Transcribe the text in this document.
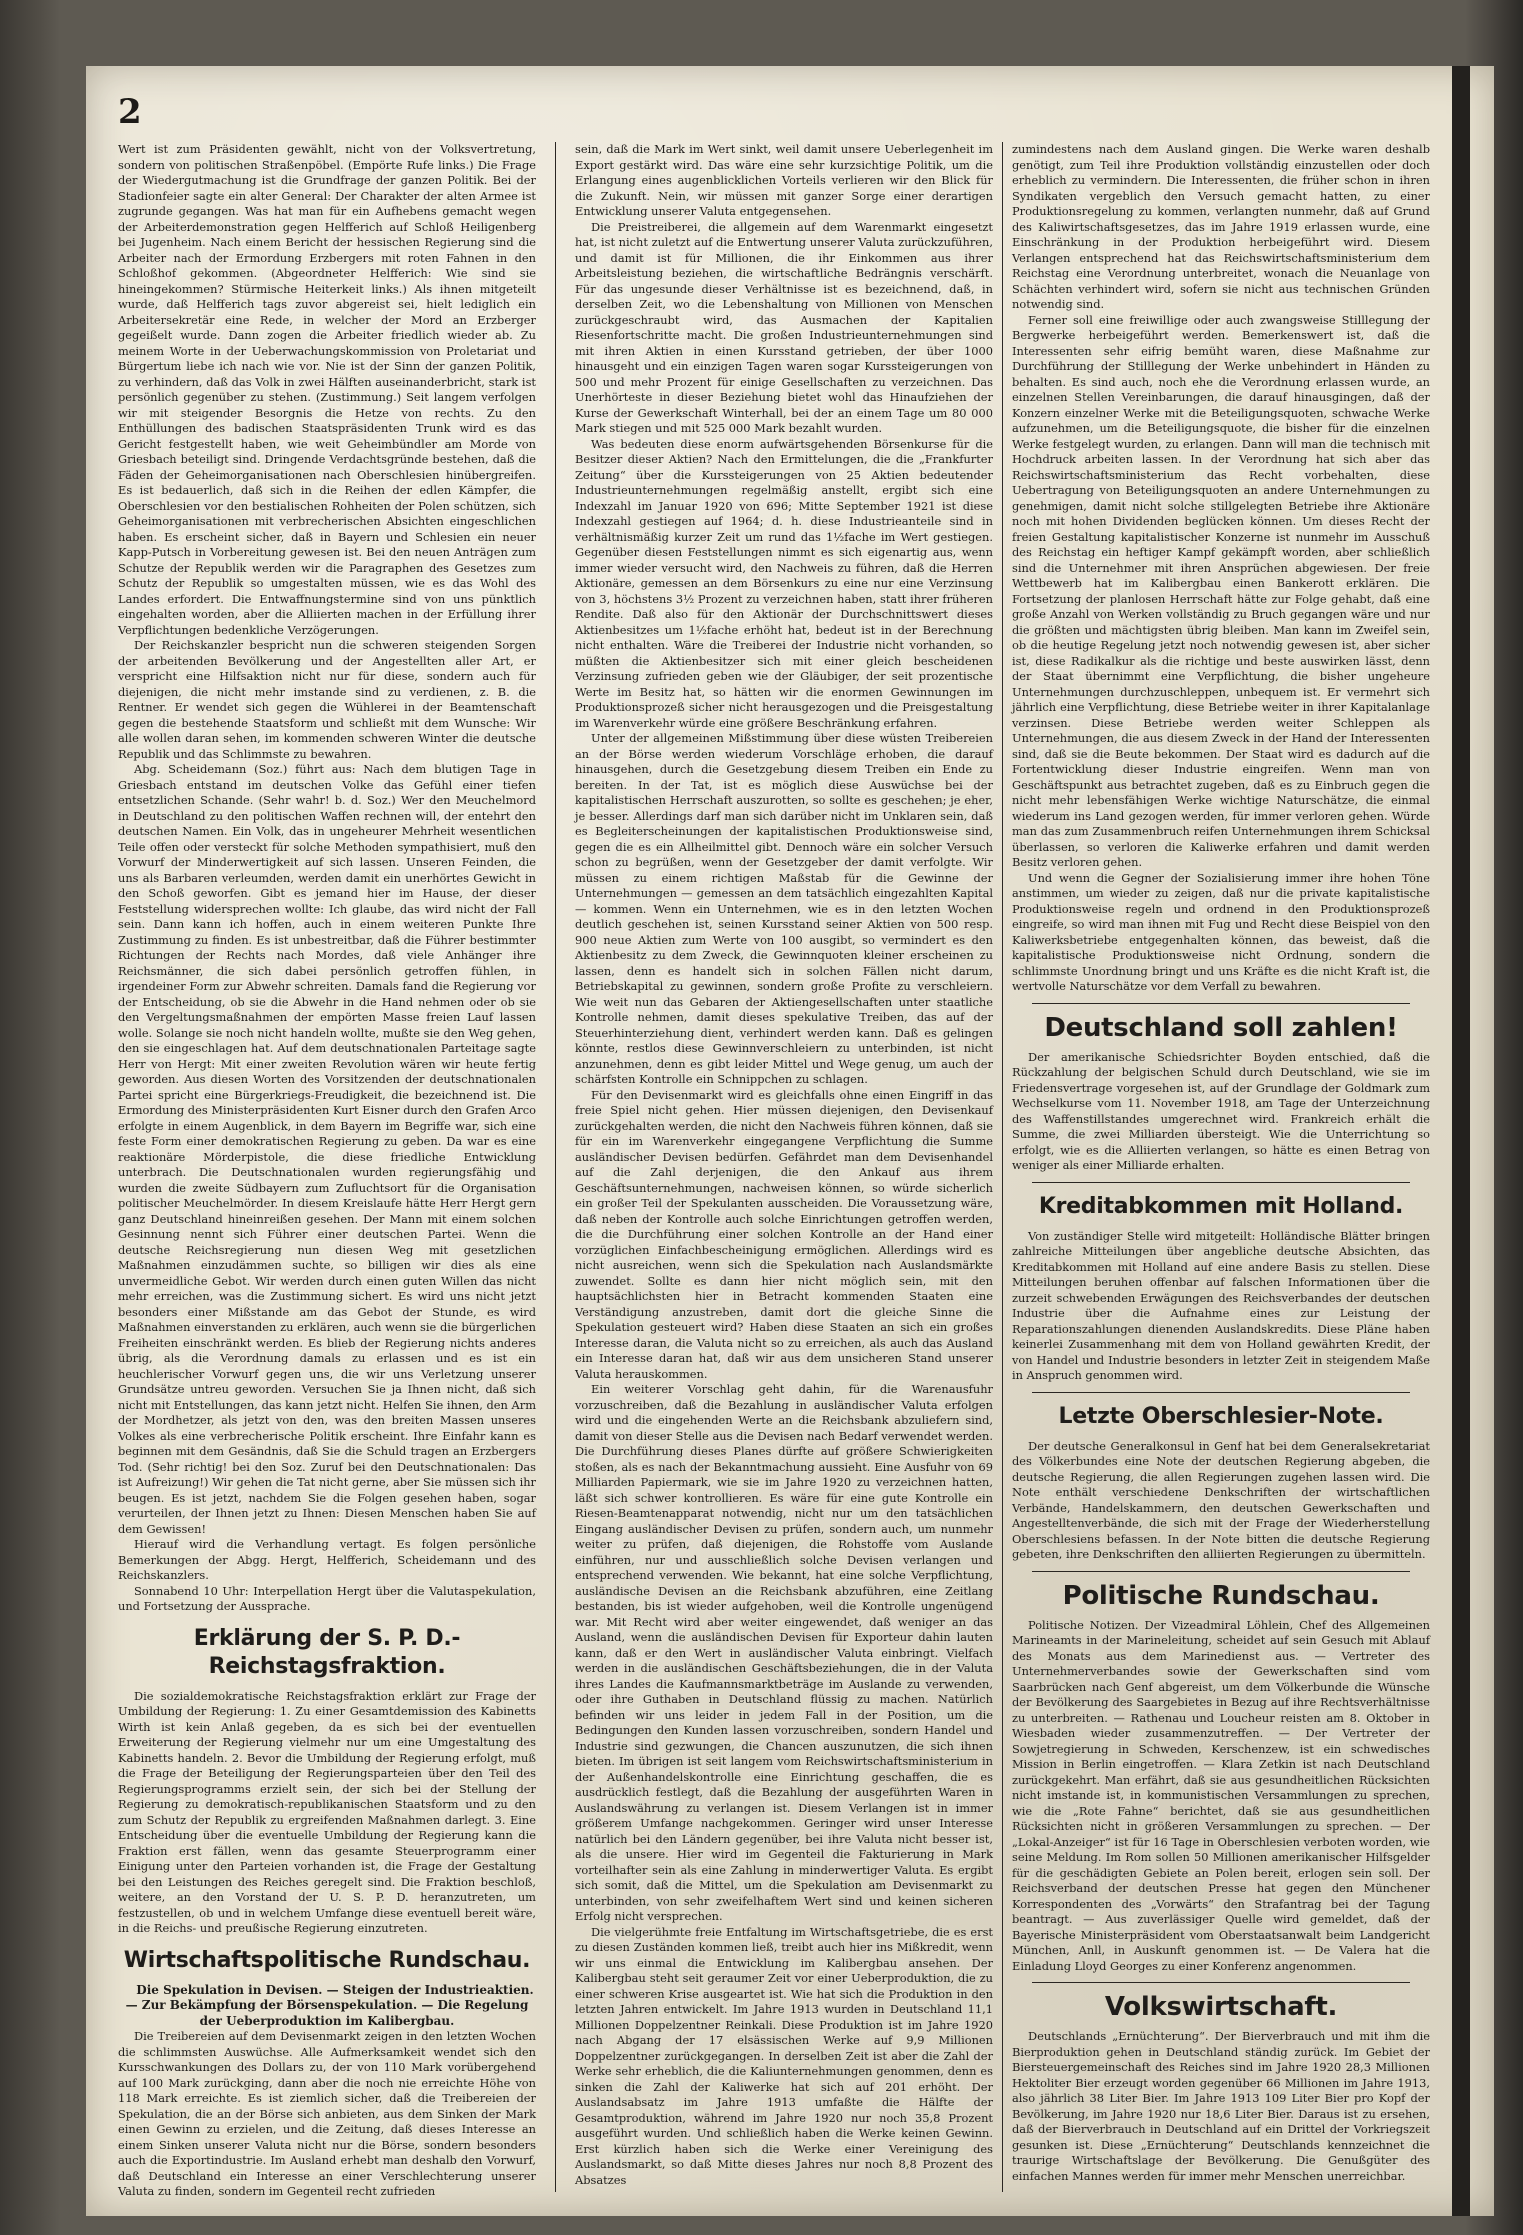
2

Wert ist zum Präsidenten gewählt, nicht von der Volksvertretung, sondern von politischen Straßenpöbel. (Empörte Rufe links.) Die Frage der Wiedergutmachung ist die Grundfrage der ganzen Politik. Bei der Stadionfeier sagte ein alter General: Der Charakter der alten Armee ist zugrunde gegangen. Was hat man für ein Aufhebens gemacht wegen der Arbeiterdemonstration gegen Helfferich auf Schloß Heiligenberg bei Jugenheim. Nach einem Bericht der hessischen Regierung sind die Arbeiter nach der Ermordung Erzbergers mit roten Fahnen in den Schloßhof gekommen. (Abgeordneter Helfferich: Wie sind sie hineingekommen? Stürmische Heiterkeit links.) Als ihnen mitgeteilt wurde, daß Helfferich tags zuvor abgereist sei, hielt lediglich ein Arbeitersekretär eine Rede, in welcher der Mord an Erzberger gegeißelt wurde. Dann zogen die Arbeiter friedlich wieder ab. Zu meinem Worte in der Ueberwachungskommission von Proletariat und Bürgertum liebe ich nach wie vor. Nie ist der Sinn der ganzen Politik, zu verhindern, daß das Volk in zwei Hälften auseinanderbricht, stark ist persönlich gegenüber zu stehen. (Zustimmung.) Seit langem verfolgen wir mit steigender Besorgnis die Hetze von rechts. Zu den Enthüllungen des badischen Staatspräsidenten Trunk wird es das Gericht festgestellt haben, wie weit Geheimbündler am Morde von Griesbach beteiligt sind. Dringende Verdachtsgründe bestehen, daß die Fäden der Geheimorganisationen nach Oberschlesien hinübergreifen. Es ist bedauerlich, daß sich in die Reihen der edlen Kämpfer, die Oberschlesien vor den bestialischen Rohheiten der Polen schützen, sich Geheimorganisationen mit verbrecherischen Absichten eingeschlichen haben. Es erscheint sicher, daß in Bayern und Schlesien ein neuer Kapp-Putsch in Vorbereitung gewesen ist. Bei den neuen Anträgen zum Schutze der Republik werden wir die Paragraphen des Gesetzes zum Schutz der Republik so umgestalten müssen, wie es das Wohl des Landes erfordert. Die Entwaffnungstermine sind von uns pünktlich eingehalten worden, aber die Alliierten machen in der Erfüllung ihrer Verpflichtungen bedenkliche Verzögerungen.

Der Reichskanzler bespricht nun die schweren steigenden Sorgen der arbeitenden Bevölkerung und der Angestellten aller Art, er verspricht eine Hilfsaktion nicht nur für diese, sondern auch für diejenigen, die nicht mehr imstande sind zu verdienen, z. B. die Rentner. Er wendet sich gegen die Wühlerei in der Beamtenschaft gegen die bestehende Staatsform und schließt mit dem Wunsche: Wir alle wollen daran sehen, im kommenden schweren Winter die deutsche Republik und das Schlimmste zu bewahren.

Abg. Scheidemann (Soz.) führt aus: Nach dem blutigen Tage in Griesbach entstand im deutschen Volke das Gefühl einer tiefen entsetzlichen Schande. (Sehr wahr! b. d. Soz.) Wer den Meuchelmord in Deutschland zu den politischen Waffen rechnen will, der entehrt den deutschen Namen. Ein Volk, das in ungeheurer Mehrheit wesentlichen Teile offen oder versteckt für solche Methoden sympathisiert, muß den Vorwurf der Minderwertigkeit auf sich lassen. Unseren Feinden, die uns als Barbaren verleumden, werden damit ein unerhörtes Gewicht in den Schoß geworfen. Gibt es jemand hier im Hause, der dieser Feststellung widersprechen wollte: Ich glaube, das wird nicht der Fall sein. Dann kann ich hoffen, auch in einem weiteren Punkte Ihre Zustimmung zu finden. Es ist unbestreitbar, daß die Führer bestimmter Richtungen der Rechts nach Mordes, daß viele Anhänger ihre Reichsmänner, die sich dabei persönlich getroffen fühlen, in irgendeiner Form zur Abwehr schreiten. Damals fand die Regierung vor der Entscheidung, ob sie die Abwehr in die Hand nehmen oder ob sie den Vergeltungsmaßnahmen der empörten Masse freien Lauf lassen wolle. Solange sie noch nicht handeln wollte, mußte sie den Weg gehen, den sie eingeschlagen hat. Auf dem deutschnationalen Parteitage sagte Herr von Hergt: Mit einer zweiten Revolution wären wir heute fertig geworden. Aus diesen Worten des Vorsitzenden der deutschnationalen Partei spricht eine Bürgerkriegs-Freudigkeit, die bezeichnend ist. Die Ermordung des Ministerpräsidenten Kurt Eisner durch den Grafen Arco erfolgte in einem Augenblick, in dem Bayern im Begriffe war, sich eine feste Form einer demokratischen Regierung zu geben. Da war es eine reaktionäre Mörderpistole, die diese friedliche Entwicklung unterbrach. Die Deutschnationalen wurden regierungsfähig und wurden die zweite Südbayern zum Zufluchtsort für die Organisation politischer Meuchelmörder. In diesem Kreislaufe hätte Herr Hergt gern ganz Deutschland hineinreißen gesehen. Der Mann mit einem solchen Gesinnung nennt sich Führer einer deutschen Partei. Wenn die deutsche Reichsregierung nun diesen Weg mit gesetzlichen Maßnahmen einzudämmen suchte, so billigen wir dies als eine unvermeidliche Gebot. Wir werden durch einen guten Willen das nicht mehr erreichen, was die Zustimmung sichert. Es wird uns nicht jetzt besonders einer Mißstande am das Gebot der Stunde, es wird Maßnahmen einverstanden zu erklären, auch wenn sie die bürgerlichen Freiheiten einschränkt werden. Es blieb der Regierung nichts anderes übrig, als die Verordnung damals zu erlassen und es ist ein heuchlerischer Vorwurf gegen uns, die wir uns Verletzung unserer Grundsätze untreu geworden. Versuchen Sie ja Ihnen nicht, daß sich nicht mit Entstellungen, das kann jetzt nicht. Helfen Sie ihnen, den Arm der Mordhetzer, als jetzt von den, was den breiten Massen unseres Volkes als eine verbrecherische Politik erscheint. Ihre Einfahr kann es beginnen mit dem Gesändnis, daß Sie die Schuld tragen an Erzbergers Tod. (Sehr richtig! bei den Soz. Zuruf bei den Deutschnationalen: Das ist Aufreizung!) Wir gehen die Tat nicht gerne, aber Sie müssen sich ihr beugen. Es ist jetzt, nachdem Sie die Folgen gesehen haben, sogar verurteilen, der Ihnen jetzt zu Ihnen: Diesen Menschen haben Sie auf dem Gewissen!

Hierauf wird die Verhandlung vertagt. Es folgen persönliche Bemerkungen der Abgg. Hergt, Helfferich, Scheidemann und des Reichskanzlers.

Sonnabend 10 Uhr: Interpellation Hergt über die Valutaspekulation, und Fortsetzung der Aussprache.

Erklärung der S. P. D.-Reichstagsfraktion.

Die sozialdemokratische Reichstagsfraktion erklärt zur Frage der Umbildung der Regierung: 1. Zu einer Gesamtdemission des Kabinetts Wirth ist kein Anlaß gegeben, da es sich bei der eventuellen Erweiterung der Regierung vielmehr nur um eine Umgestaltung des Kabinetts handeln. 2. Bevor die Umbildung der Regierung erfolgt, muß die Frage der Beteiligung der Regierungsparteien über den Teil des Regierungsprogramms erzielt sein, der sich bei der Stellung der Regierung zu demokratisch-republikanischen Staatsform und zu den zum Schutz der Republik zu ergreifenden Maßnahmen darlegt. 3. Eine Entscheidung über die eventuelle Umbildung der Regierung kann die Fraktion erst fällen, wenn das gesamte Steuerprogramm einer Einigung unter den Parteien vorhanden ist, die Frage der Gestaltung bei den Leistungen des Reiches geregelt sind. Die Fraktion beschloß, weitere, an den Vorstand der U. S. P. D. heranzutreten, um festzustellen, ob und in welchem Umfange diese eventuell bereit wäre, in die Reichs- und preußische Regierung einzutreten.

Wirtschaftspolitische Rundschau.

Die Spekulation in Devisen. — Steigen der Industrieaktien. — Zur Bekämpfung der Börsenspekulation. — Die Regelung der Ueberproduktion im Kalibergbau.

Die Treibereien auf dem Devisenmarkt zeigen in den letzten Wochen die schlimmsten Auswüchse. Alle Aufmerksamkeit wendet sich den Kursschwankungen des Dollars zu, der von 110 Mark vorübergehend auf 100 Mark zurückging, dann aber die noch nie erreichte Höhe von 118 Mark erreichte. Es ist ziemlich sicher, daß die Treibereien der Spekulation, die an der Börse sich anbieten, aus dem Sinken der Mark einen Gewinn zu erzielen, und die Zeitung, daß dieses Interesse an einem Sinken unserer Valuta nicht nur die Börse, sondern besonders auch die Exportindustrie. Im Ausland erhebt man deshalb den Vorwurf, daß Deutschland ein Interesse an einer Verschlechterung unserer Valuta zu finden, sondern im Gegenteil recht zufrieden

sein, daß die Mark im Wert sinkt, weil damit unsere Ueberlegenheit im Export gestärkt wird. Das wäre eine sehr kurzsichtige Politik, um die Erlangung eines augenblicklichen Vorteils verlieren wir den Blick für die Zukunft. Nein, wir müssen mit ganzer Sorge einer derartigen Entwicklung unserer Valuta entgegensehen.

Die Preistreiberei, die allgemein auf dem Warenmarkt eingesetzt hat, ist nicht zuletzt auf die Entwertung unserer Valuta zurückzuführen, und damit ist für Millionen, die ihr Einkommen aus ihrer Arbeitsleistung beziehen, die wirtschaftliche Bedrängnis verschärft. Für das ungesunde dieser Verhältnisse ist es bezeichnend, daß, in derselben Zeit, wo die Lebenshaltung von Millionen von Menschen zurückgeschraubt wird, das Ausmachen der Kapitalien Riesenfortschritte macht. Die großen Industrieunternehmungen sind mit ihren Aktien in einen Kursstand getrieben, der über 1000 hinausgeht und ein einzigen Tagen waren sogar Kurssteigerungen von 500 und mehr Prozent für einige Gesellschaften zu verzeichnen. Das Unerhörteste in dieser Beziehung bietet wohl das Hinaufziehen der Kurse der Gewerkschaft Winterhall, bei der an einem Tage um 80 000 Mark stiegen und mit 525 000 Mark bezahlt wurden.

Was bedeuten diese enorm aufwärtsgehenden Börsenkurse für die Besitzer dieser Aktien? Nach den Ermittelungen, die die „Frankfurter Zeitung“ über die Kurssteigerungen von 25 Aktien bedeutender Industrieunternehmungen regelmäßig anstellt, ergibt sich eine Indexzahl im Januar 1920 von 696; Mitte September 1921 ist diese Indexzahl gestiegen auf 1964; d. h. diese Industrieanteile sind in verhältnismäßig kurzer Zeit um rund das 1½fache im Wert gestiegen. Gegenüber diesen Feststellungen nimmt es sich eigenartig aus, wenn immer wieder versucht wird, den Nachweis zu führen, daß die Herren Aktionäre, gemessen an dem Börsenkurs zu eine nur eine Verzinsung von 3, höchstens 3½ Prozent zu verzeichnen haben, statt ihrer früheren Rendite. Daß also für den Aktionär der Durchschnittswert dieses Aktienbesitzes um 1½fache erhöht hat, bedeut ist in der Berechnung nicht enthalten. Wäre die Treiberei der Industrie nicht vorhanden, so müßten die Aktienbesitzer sich mit einer gleich bescheidenen Verzinsung zufrieden geben wie der Gläubiger, der seit prozentische Werte im Besitz hat, so hätten wir die enormen Gewinnungen im Produktionsprozeß sicher nicht herausgezogen und die Preisgestaltung im Warenverkehr würde eine größere Beschränkung erfahren.

Unter der allgemeinen Mißstimmung über diese wüsten Treibereien an der Börse werden wiederum Vorschläge erhoben, die darauf hinausgehen, durch die Gesetzgebung diesem Treiben ein Ende zu bereiten. In der Tat, ist es möglich diese Auswüchse bei der kapitalistischen Herrschaft auszurotten, so sollte es geschehen; je eher, je besser. Allerdings darf man sich darüber nicht im Unklaren sein, daß es Begleiterscheinungen der kapitalistischen Produktionsweise sind, gegen die es ein Allheilmittel gibt. Dennoch wäre ein solcher Versuch schon zu begrüßen, wenn der Gesetzgeber der damit verfolgte. Wir müssen zu einem richtigen Maßstab für die Gewinne der Unternehmungen — gemessen an dem tatsächlich eingezahlten Kapital — kommen. Wenn ein Unternehmen, wie es in den letzten Wochen deutlich geschehen ist, seinen Kursstand seiner Aktien von 500 resp. 900 neue Aktien zum Werte von 100 ausgibt, so vermindert es den Aktienbesitz zu dem Zweck, die Gewinnquoten kleiner erscheinen zu lassen, denn es handelt sich in solchen Fällen nicht darum, Betriebskapital zu gewinnen, sondern große Profite zu verschleiern. Wie weit nun das Gebaren der Aktiengesellschaften unter staatliche Kontrolle nehmen, damit dieses spekulative Treiben, das auf der Steuerhinterziehung dient, verhindert werden kann. Daß es gelingen könnte, restlos diese Gewinnverschleiern zu unterbinden, ist nicht anzunehmen, denn es gibt leider Mittel und Wege genug, um auch der schärfsten Kontrolle ein Schnippchen zu schlagen.

Für den Devisenmarkt wird es gleichfalls ohne einen Eingriff in das freie Spiel nicht gehen. Hier müssen diejenigen, den Devisenkauf zurückgehalten werden, die nicht den Nachweis führen können, daß sie für ein im Warenverkehr eingegangene Verpflichtung die Summe ausländischer Devisen bedürfen. Gefährdet man dem Devisenhandel auf die Zahl derjenigen, die den Ankauf aus ihrem Geschäftsunternehmungen, nachweisen können, so würde sicherlich ein großer Teil der Spekulanten ausscheiden. Die Voraussetzung wäre, daß neben der Kontrolle auch solche Einrichtungen getroffen werden, die die Durchführung einer solchen Kontrolle an der Hand einer vorzüglichen Einfachbescheinigung ermöglichen. Allerdings wird es nicht ausreichen, wenn sich die Spekulation nach Auslandsmärkte zuwendet. Sollte es dann hier nicht möglich sein, mit den hauptsächlichsten hier in Betracht kommenden Staaten eine Verständigung anzustreben, damit dort die gleiche Sinne die Spekulation gesteuert wird? Haben diese Staaten an sich ein großes Interesse daran, die Valuta nicht so zu erreichen, als auch das Ausland ein Interesse daran hat, daß wir aus dem unsicheren Stand unserer Valuta herauskommen.

Ein weiterer Vorschlag geht dahin, für die Warenausfuhr vorzuschreiben, daß die Bezahlung in ausländischer Valuta erfolgen wird und die eingehenden Werte an die Reichsbank abzuliefern sind, damit von dieser Stelle aus die Devisen nach Bedarf verwendet werden. Die Durchführung dieses Planes dürfte auf größere Schwierigkeiten stoßen, als es nach der Bekanntmachung aussieht. Eine Ausfuhr von 69 Milliarden Papiermark, wie sie im Jahre 1920 zu verzeichnen hatten, läßt sich schwer kontrollieren. Es wäre für eine gute Kontrolle ein Riesen-Beamtenapparat notwendig, nicht nur um den tatsächlichen Eingang ausländischer Devisen zu prüfen, sondern auch, um nunmehr weiter zu prüfen, daß diejenigen, die Rohstoffe vom Auslande einführen, nur und ausschließlich solche Devisen verlangen und entsprechend verwenden. Wie bekannt, hat eine solche Verpflichtung, ausländische Devisen an die Reichsbank abzuführen, eine Zeitlang bestanden, bis ist wieder aufgehoben, weil die Kontrolle ungenügend war. Mit Recht wird aber weiter eingewendet, daß weniger an das Ausland, wenn die ausländischen Devisen für Exporteur dahin lauten kann, daß er den Wert in ausländischer Valuta einbringt. Vielfach werden in die ausländischen Geschäftsbeziehungen, die in der Valuta ihres Landes die Kaufmannsmarktbeträge im Auslande zu verwenden, oder ihre Guthaben in Deutschland flüssig zu machen. Natürlich befinden wir uns leider in jedem Fall in der Position, um die Bedingungen den Kunden lassen vorzuschreiben, sondern Handel und Industrie sind gezwungen, die Chancen auszunutzen, die sich ihnen bieten. Im übrigen ist seit langem vom Reichswirtschaftsministerium in der Außenhandelskontrolle eine Einrichtung geschaffen, die es ausdrücklich festlegt, daß die Bezahlung der ausgeführten Waren in Auslandswährung zu verlangen ist. Diesem Verlangen ist in immer größerem Umfange nachgekommen. Geringer wird unser Interesse natürlich bei den Ländern gegenüber, bei ihre Valuta nicht besser ist, als die unsere. Hier wird im Gegenteil die Fakturierung in Mark vorteilhafter sein als eine Zahlung in minderwertiger Valuta. Es ergibt sich somit, daß die Mittel, um die Spekulation am Devisenmarkt zu unterbinden, von sehr zweifelhaftem Wert sind und keinen sicheren Erfolg nicht versprechen.

Die vielgerühmte freie Entfaltung im Wirtschaftsgetriebe, die es erst zu diesen Zuständen kommen ließ, treibt auch hier ins Mißkredit, wenn wir uns einmal die Entwicklung im Kalibergbau ansehen. Der Kalibergbau steht seit geraumer Zeit vor einer Ueberproduktion, die zu einer schweren Krise ausgeartet ist. Wie hat sich die Produktion in den letzten Jahren entwickelt. Im Jahre 1913 wurden in Deutschland 11,1 Millionen Doppelzentner Reinkali. Diese Produktion ist im Jahre 1920 nach Abgang der 17 elsässischen Werke auf 9,9 Millionen Doppelzentner zurückgegangen. In derselben Zeit ist aber die Zahl der Werke sehr erheblich, die die Kaliunternehmungen genommen, denn es sinken die Zahl der Kaliwerke hat sich auf 201 erhöht. Der Auslandsabsatz im Jahre 1913 umfaßte die Hälfte der Gesamtproduktion, während im Jahre 1920 nur noch 35,8 Prozent ausgeführt wurden. Und schließlich haben die Werke keinen Gewinn. Erst kürzlich haben sich die Werke einer Vereinigung des Auslandsmarkt, so daß Mitte dieses Jahres nur noch 8,8 Prozent des Absatzes

zumindestens nach dem Ausland gingen. Die Werke waren deshalb genötigt, zum Teil ihre Produktion vollständig einzustellen oder doch erheblich zu vermindern. Die Interessenten, die früher schon in ihren Syndikaten vergeblich den Versuch gemacht hatten, zu einer Produktionsregelung zu kommen, verlangten nunmehr, daß auf Grund des Kaliwirtschaftsgesetzes, das im Jahre 1919 erlassen wurde, eine Einschränkung in der Produktion herbeigeführt wird. Diesem Verlangen entsprechend hat das Reichswirtschaftsministerium dem Reichstag eine Verordnung unterbreitet, wonach die Neuanlage von Schächten verhindert wird, sofern sie nicht aus technischen Gründen notwendig sind.

Ferner soll eine freiwillige oder auch zwangsweise Stilllegung der Bergwerke herbeigeführt werden. Bemerkenswert ist, daß die Interessenten sehr eifrig bemüht waren, diese Maßnahme zur Durchführung der Stilllegung der Werke unbehindert in Händen zu behalten. Es sind auch, noch ehe die Verordnung erlassen wurde, an einzelnen Stellen Vereinbarungen, die darauf hinausgingen, daß der Konzern einzelner Werke mit die Beteiligungsquoten, schwache Werke aufzunehmen, um die Beteiligungsquote, die bisher für die einzelnen Werke festgelegt wurden, zu erlangen. Dann will man die technisch mit Hochdruck arbeiten lassen. In der Verordnung hat sich aber das Reichswirtschaftsministerium das Recht vorbehalten, diese Uebertragung von Beteiligungsquoten an andere Unternehmungen zu genehmigen, damit nicht solche stillgelegten Betriebe ihre Aktionäre noch mit hohen Dividenden beglücken können. Um dieses Recht der freien Gestaltung kapitalistischer Konzerne ist nunmehr im Ausschuß des Reichstag ein heftiger Kampf gekämpft worden, aber schließlich sind die Unternehmer mit ihren Ansprüchen abgewiesen. Der freie Wettbewerb hat im Kalibergbau einen Bankerott erklären. Die Fortsetzung der planlosen Herrschaft hätte zur Folge gehabt, daß eine große Anzahl von Werken vollständig zu Bruch gegangen wäre und nur die größten und mächtigsten übrig bleiben. Man kann im Zweifel sein, ob die heutige Regelung jetzt noch notwendig gewesen ist, aber sicher ist, diese Radikalkur als die richtige und beste auswirken lässt, denn der Staat übernimmt eine Verpflichtung, die bisher ungeheure Unternehmungen durchzuschleppen, unbequem ist. Er vermehrt sich jährlich eine Verpflichtung, diese Betriebe weiter in ihrer Kapitalanlage verzinsen. Diese Betriebe werden weiter Schleppen als Unternehmungen, die aus diesem Zweck in der Hand der Interessenten sind, daß sie die Beute bekommen. Der Staat wird es dadurch auf die Fortentwicklung dieser Industrie eingreifen. Wenn man von Geschäftspunkt aus betrachtet zugeben, daß es zu Einbruch gegen die nicht mehr lebensfähigen Werke wichtige Naturschätze, die einmal wiederum ins Land gezogen werden, für immer verloren gehen. Würde man das zum Zusammenbruch reifen Unternehmungen ihrem Schicksal überlassen, so verloren die Kaliwerke erfahren und damit werden Besitz verloren gehen.

Und wenn die Gegner der Sozialisierung immer ihre hohen Töne anstimmen, um wieder zu zeigen, daß nur die private kapitalistische Produktionsweise regeln und ordnend in den Produktionsprozeß eingreife, so wird man ihnen mit Fug und Recht diese Beispiel von den Kaliwerksbetriebe entgegenhalten können, das beweist, daß die kapitalistische Produktionsweise nicht Ordnung, sondern die schlimmste Unordnung bringt und uns Kräfte es die nicht Kraft ist, die wertvolle Naturschätze vor dem Verfall zu bewahren.

Deutschland soll zahlen!

Der amerikanische Schiedsrichter Boyden entschied, daß die Rückzahlung der belgischen Schuld durch Deutschland, wie sie im Friedensvertrage vorgesehen ist, auf der Grundlage der Goldmark zum Wechselkurse vom 11. November 1918, am Tage der Unterzeichnung des Waffenstillstandes umgerechnet wird. Frankreich erhält die Summe, die zwei Milliarden übersteigt. Wie die Unterrichtung so erfolgt, wie es die Alliierten verlangen, so hätte es einen Betrag von weniger als einer Milliarde erhalten.

Kreditabkommen mit Holland.

Von zuständiger Stelle wird mitgeteilt: Holländische Blätter bringen zahlreiche Mitteilungen über angebliche deutsche Absichten, das Kreditabkommen mit Holland auf eine andere Basis zu stellen. Diese Mitteilungen beruhen offenbar auf falschen Informationen über die zurzeit schwebenden Erwägungen des Reichsverbandes der deutschen Industrie über die Aufnahme eines zur Leistung der Reparationszahlungen dienenden Auslandskredits. Diese Pläne haben keinerlei Zusammenhang mit dem von Holland gewährten Kredit, der von Handel und Industrie besonders in letzter Zeit in steigendem Maße in Anspruch genommen wird.

Letzte Oberschlesier-Note.

Der deutsche Generalkonsul in Genf hat bei dem Generalsekretariat des Völkerbundes eine Note der deutschen Regierung abgeben, die deutsche Regierung, die allen Regierungen zugehen lassen wird. Die Note enthält verschiedene Denkschriften der wirtschaftlichen Verbände, Handelskammern, den deutschen Gewerkschaften und Angestelltenverbände, die sich mit der Frage der Wiederherstellung Oberschlesiens befassen. In der Note bitten die deutsche Regierung gebeten, ihre Denkschriften den alliierten Regierungen zu übermitteln.

Politische Rundschau.

Politische Notizen. Der Vizeadmiral Löhlein, Chef des Allgemeinen Marineamts in der Marineleitung, scheidet auf sein Gesuch mit Ablauf des Monats aus dem Marinedienst aus. — Vertreter des Unternehmerverbandes sowie der Gewerkschaften sind vom Saarbrücken nach Genf abgereist, um dem Völkerbunde die Wünsche der Bevölkerung des Saargebietes in Bezug auf ihre Rechtsverhältnisse zu unterbreiten. — Rathenau und Loucheur reisten am 8. Oktober in Wiesbaden wieder zusammenzutreffen. — Der Vertreter der Sowjetregierung in Schweden, Kerschenzew, ist ein schwedisches Mission in Berlin eingetroffen. — Klara Zetkin ist nach Deutschland zurückgekehrt. Man erfährt, daß sie aus gesundheitlichen Rücksichten nicht imstande ist, in kommunistischen Versammlungen zu sprechen, wie die „Rote Fahne“ berichtet, daß sie aus gesundheitlichen Rücksichten nicht in größeren Versammlungen zu sprechen. — Der „Lokal-Anzeiger“ ist für 16 Tage in Oberschlesien verboten worden, wie seine Meldung. Im Rom sollen 50 Millionen amerikanischer Hilfsgelder für die geschädigten Gebiete an Polen bereit, erlogen sein soll. Der Reichsverband der deutschen Presse hat gegen den Münchener Korrespondenten des „Vorwärts“ den Strafantrag bei der Tagung beantragt. — Aus zuverlässiger Quelle wird gemeldet, daß der Bayerische Ministerpräsident vom Oberstaatsanwalt beim Landgericht München, Anll, in Auskunft genommen ist. — De Valera hat die Einladung Lloyd Georges zu einer Konferenz angenommen.

Volkswirtschaft.

Deutschlands „Ernüchterung“. Der Bierverbrauch und mit ihm die Bierproduktion gehen in Deutschland ständig zurück. Im Gebiet der Biersteuergemeinschaft des Reiches sind im Jahre 1920 28,3 Millionen Hektoliter Bier erzeugt worden gegenüber 66 Millionen im Jahre 1913, also jährlich 38 Liter Bier. Im Jahre 1913 109 Liter Bier pro Kopf der Bevölkerung, im Jahre 1920 nur 18,6 Liter Bier. Daraus ist zu ersehen, daß der Bierverbrauch in Deutschland auf ein Drittel der Vorkriegszeit gesunken ist. Diese „Ernüchterung“ Deutschlands kennzeichnet die traurige Wirtschaftslage der Bevölkerung. Die Genußgüter des einfachen Mannes werden für immer mehr Menschen unerreichbar.
